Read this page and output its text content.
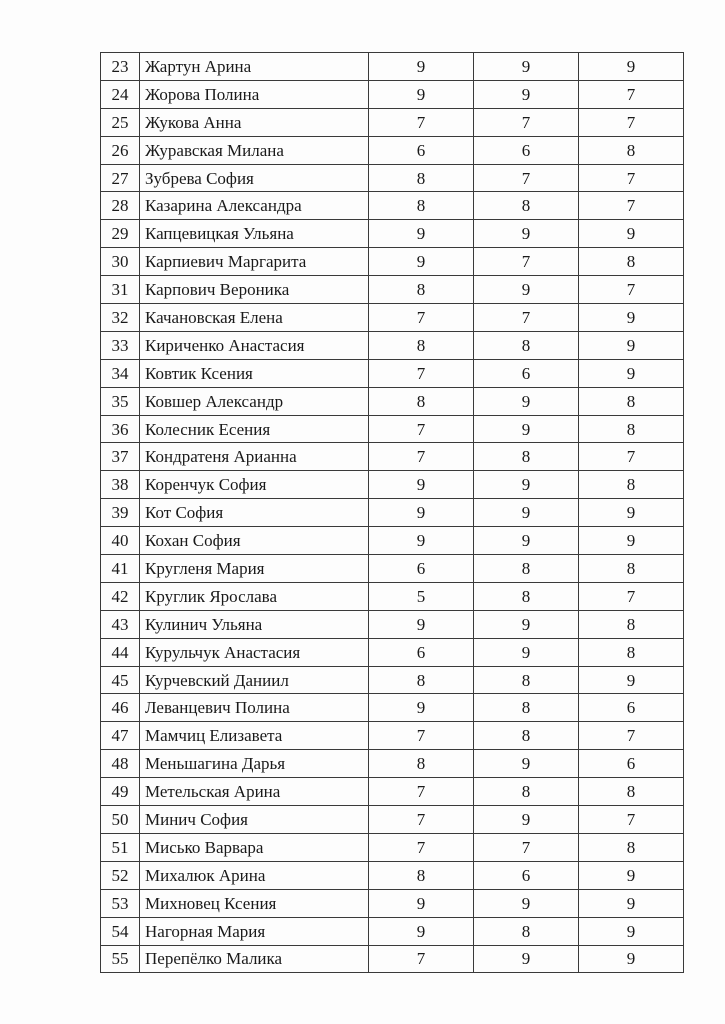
23	Жартун Арина	9	9	9
24	Жорова Полина	9	9	7
25	Жукова Анна	7	7	7
26	Журавская Милана	6	6	8
27	Зубрева София	8	7	7
28	Казарина Александра	8	8	7
29	Капцевицкая Ульяна	9	9	9
30	Карпиевич Маргарита	9	7	8
31	Карпович Вероника	8	9	7
32	Качановская Елена	7	7	9
33	Кириченко Анастасия	8	8	9
34	Ковтик Ксения	7	6	9
35	Ковшер Александр	8	9	8
36	Колесник Есения	7	9	8
37	Кондратеня Арианна	7	8	7
38	Коренчук София	9	9	8
39	Кот София	9	9	9
40	Кохан София	9	9	9
41	Кругленя Мария	6	8	8
42	Круглик Ярослава	5	8	7
43	Кулинич Ульяна	9	9	8
44	Курульчук Анастасия	6	9	8
45	Курчевский Даниил	8	8	9
46	Леванцевич Полина	9	8	6
47	Мамчиц Елизавета	7	8	7
48	Меньшагина Дарья	8	9	6
49	Метельская Арина	7	8	8
50	Минич София	7	9	7
51	Мисько Варвара	7	7	8
52	Михалюк Арина	8	6	9
53	Михновец Ксения	9	9	9
54	Нагорная Мария	9	8	9
55	Перепёлко Малика	7	9	9
